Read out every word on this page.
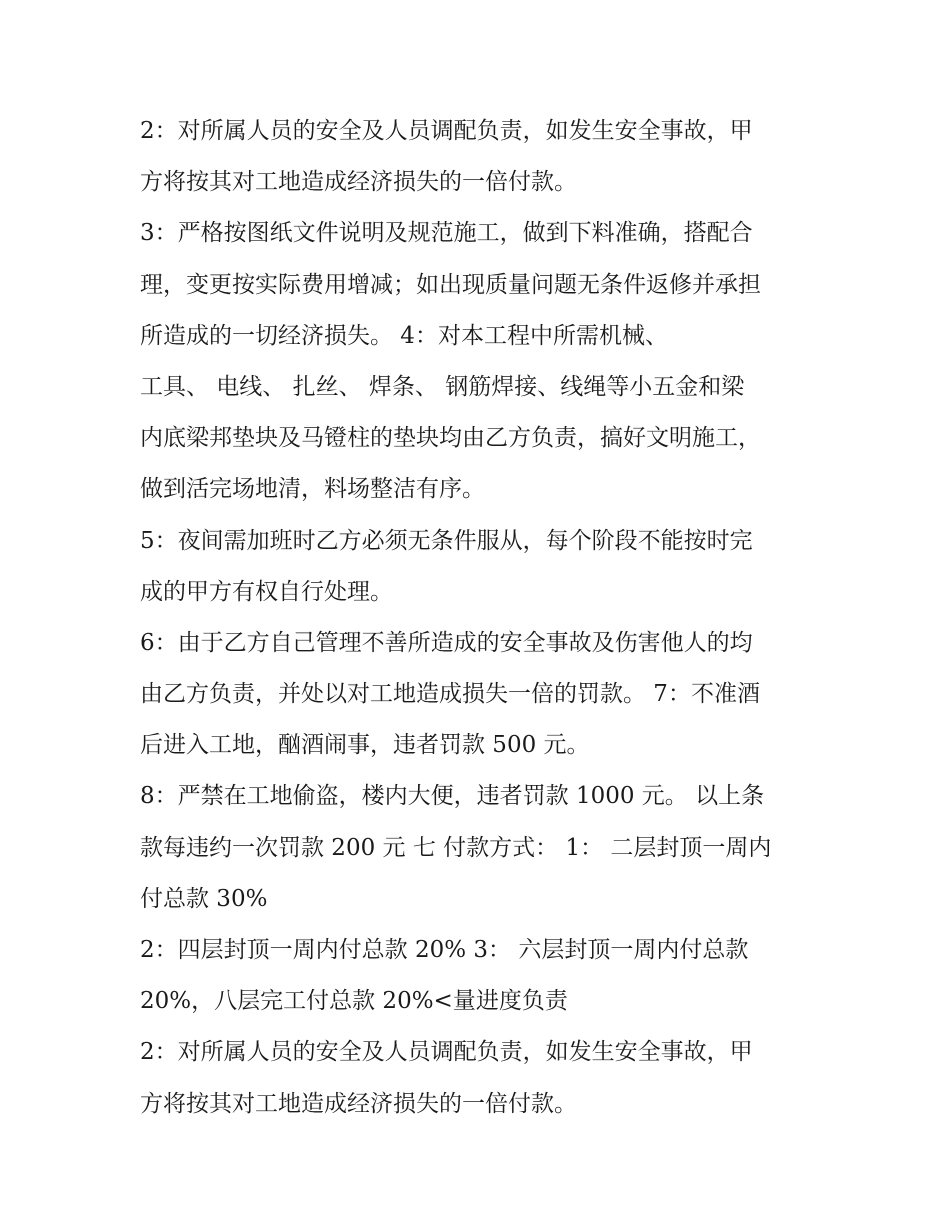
2：对所属人员的安全及人员调配负责，如发生安全事故，甲
方将按其对工地造成经济损失的一倍付款。
3：严格按图纸文件说明及规范施工，做到下料准确，搭配合
理，变更按实际费用增减；如出现质量问题无条件返修并承担
所造成的一切经济损失。 4：对本工程中所需机械、
工具、 电线、 扎丝、 焊条、 钢筋焊接、线绳等小五金和梁
内底梁邦垫块及马镫柱的垫块均由乙方负责，搞好文明施工，
做到活完场地清，料场整洁有序。
5：夜间需加班时乙方必须无条件服从，每个阶段不能按时完
成的甲方有权自行处理。
6：由于乙方自己管理不善所造成的安全事故及伤害他人的均
由乙方负责，并处以对工地造成损失一倍的罚款。 7：不准酒
后进入工地，酗酒闹事，违者罚款 500 元。
8：严禁在工地偷盗，楼内大便，违者罚款 1000 元。 以上条
款每违约一次罚款 200 元 七 付款方式： 1： 二层封顶一周内
付总款 30%
2：四层封顶一周内付总款 20% 3： 六层封顶一周内付总款
20%，八层完工付总款 20%<量进度负责
2：对所属人员的安全及人员调配负责，如发生安全事故，甲
方将按其对工地造成经济损失的一倍付款。
